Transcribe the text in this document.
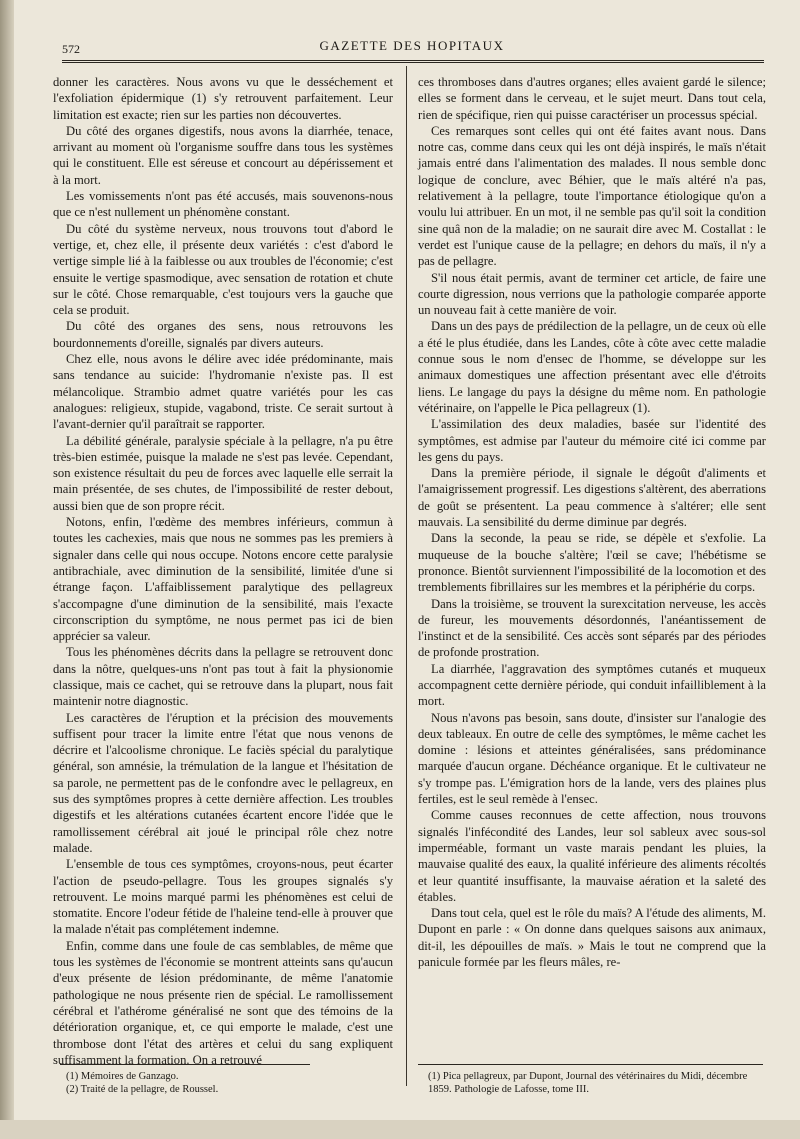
572	GAZETTE DES HOPITAUX

donner les caractères. Nous avons vu que le desséchement et l'exfoliation épidermique (1) s'y retrouvent parfaitement. Leur limitation est exacte; rien sur les parties non découvertes.

Du côté des organes digestifs, nous avons la diarrhée, tenace, arrivant au moment où l'organisme souffre dans tous les systèmes qui le constituent. Elle est séreuse et concourt au dépérissement et à la mort.

Les vomissements n'ont pas été accusés, mais souvenons-nous que ce n'est nullement un phénomène constant.

Du côté du système nerveux, nous trouvons tout d'abord le vertige, et, chez elle, il présente deux variétés : c'est d'abord le vertige simple lié à la faiblesse ou aux troubles de l'économie; c'est ensuite le vertige spasmodique, avec sensation de rotation et chute sur le côté. Chose remarquable, c'est toujours vers la gauche que cela se produit.

Du côté des organes des sens, nous retrouvons les bourdonnements d'oreille, signalés par divers auteurs.

Chez elle, nous avons le délire avec idée prédominante, mais sans tendance au suicide: l'hydromanie n'existe pas. Il est mélancolique. Strambio admet quatre variétés pour les cas analogues: religieux, stupide, vagabond, triste. Ce serait surtout à l'avant-dernier qu'il paraîtrait se rapporter.

La débilité générale, paralysie spéciale à la pellagre, n'a pu être très-bien estimée, puisque la malade ne s'est pas levée. Cependant, son existence résultait du peu de forces avec laquelle elle serrait la main présentée, de ses chutes, de l'impossibilité de rester debout, aussi bien que de son propre récit.

Notons, enfin, l'œdème des membres inférieurs, commun à toutes les cachexies, mais que nous ne sommes pas les premiers à signaler dans celle qui nous occupe. Notons encore cette paralysie antibrachiale, avec diminution de la sensibilité, limitée d'une si étrange façon. L'affaiblissement paralytique des pellagreux s'accompagne d'une diminution de la sensibilité, mais l'exacte circonscription du symptôme, ne nous permet pas ici de bien apprécier sa valeur.

Tous les phénomènes décrits dans la pellagre se retrouvent donc dans la nôtre, quelques-uns n'ont pas tout à fait la physionomie classique, mais ce cachet, qui se retrouve dans la plupart, nous fait maintenir notre diagnostic.

Les caractères de l'éruption et la précision des mouvements suffisent pour tracer la limite entre l'état que nous venons de décrire et l'alcoolisme chronique. Le faciès spécial du paralytique général, son amnésie, la trémulation de la langue et l'hésitation de sa parole, ne permettent pas de le confondre avec le pellagreux, en sus des symptômes propres à cette dernière affection. Les troubles digestifs et les altérations cutanées écartent encore l'idée que le ramollissement cérébral ait joué le principal rôle chez notre malade.

L'ensemble de tous ces symptômes, croyons-nous, peut écarter l'action de pseudo-pellagre. Tous les groupes signalés s'y retrouvent. Le moins marqué parmi les phénomènes est celui de stomatite. Encore l'odeur fétide de l'haleine tend-elle à prouver que la malade n'était pas complétement indemne.

Enfin, comme dans une foule de cas semblables, de même que tous les systèmes de l'économie se montrent atteints sans qu'aucun d'eux présente de lésion prédominante, de même l'anatomie pathologique ne nous présente rien de spécial. Le ramollissement cérébral et l'athérome généralisé ne sont que des témoins de la détérioration organique, et, ce qui emporte le malade, c'est une thrombose dont l'état des artères et celui du sang expliquent suffisamment la formation. On a retrouvé

ces thromboses dans d'autres organes; elles avaient gardé le silence; elles se forment dans le cerveau, et le sujet meurt. Dans tout cela, rien de spécifique, rien qui puisse caractériser un processus spécial.

Ces remarques sont celles qui ont été faites avant nous. Dans notre cas, comme dans ceux qui les ont déjà inspirés, le maïs n'était jamais entré dans l'alimentation des malades. Il nous semble donc logique de conclure, avec Béhier, que le maïs altéré n'a pas, relativement à la pellagre, toute l'importance étiologique qu'on a voulu lui attribuer. En un mot, il ne semble pas qu'il soit la condition sine quâ non de la maladie; on ne saurait dire avec M. Costallat : le verdet est l'unique cause de la pellagre; en dehors du maïs, il n'y a pas de pellagre.

S'il nous était permis, avant de terminer cet article, de faire une courte digression, nous verrions que la pathologie comparée apporte un nouveau fait à cette manière de voir.

Dans un des pays de prédilection de la pellagre, un de ceux où elle a été le plus étudiée, dans les Landes, côte à côte avec cette maladie connue sous le nom d'ensec de l'homme, se développe sur les animaux domestiques une affection présentant avec elle d'étroits liens. Le langage du pays la désigne du même nom. En pathologie vétérinaire, on l'appelle le Pica pellagreux (1).

L'assimilation des deux maladies, basée sur l'identité des symptômes, est admise par l'auteur du mémoire cité ici comme par les gens du pays.

Dans la première période, il signale le dégoût d'aliments et l'amaigrissement progressif. Les digestions s'altèrent, des aberrations de goût se présentent. La peau commence à s'altérer; elle sent mauvais. La sensibilité du derme diminue par degrés.

Dans la seconde, la peau se ride, se dépèle et s'exfolie. La muqueuse de la bouche s'altère; l'œil se cave; l'hébétisme se prononce. Bientôt surviennent l'impossibilité de la locomotion et des tremblements fibrillaires sur les membres et la périphérie du corps.

Dans la troisième, se trouvent la surexcitation nerveuse, les accès de fureur, les mouvements désordonnés, l'anéantissement de l'instinct et de la sensibilité. Ces accès sont séparés par des périodes de profonde prostration.

La diarrhée, l'aggravation des symptômes cutanés et muqueux accompagnent cette dernière période, qui conduit infailliblement à la mort.

Nous n'avons pas besoin, sans doute, d'insister sur l'analogie des deux tableaux. En outre de celle des symptômes, le même cachet les domine : lésions et atteintes généralisées, sans prédominance marquée d'aucun organe. Déchéance organique. Et le cultivateur ne s'y trompe pas. L'émigration hors de la lande, vers des plaines plus fertiles, est le seul remède à l'ensec.

Comme causes reconnues de cette affection, nous trouvons signalés l'infécondité des Landes, leur sol sableux avec sous-sol imperméable, formant un vaste marais pendant les pluies, la mauvaise qualité des eaux, la qualité inférieure des aliments récoltés et leur quantité insuffisante, la mauvaise aération et la saleté des étables.

Dans tout cela, quel est le rôle du maïs? A l'étude des aliments, M. Dupont en parle : « On donne dans quelques saisons aux animaux, dit-il, les dépouilles de maïs. » Mais le tout ne comprend que la panicule formée par les fleurs mâles, re-

(1) Mémoires de Ganzago.
(2) Traité de la pellagre, de Roussel.
(1) Pica pellagreux, par Dupont, Journal des vétérinaires du Midi, décembre 1859. Pathologie de Lafosse, tome III.
